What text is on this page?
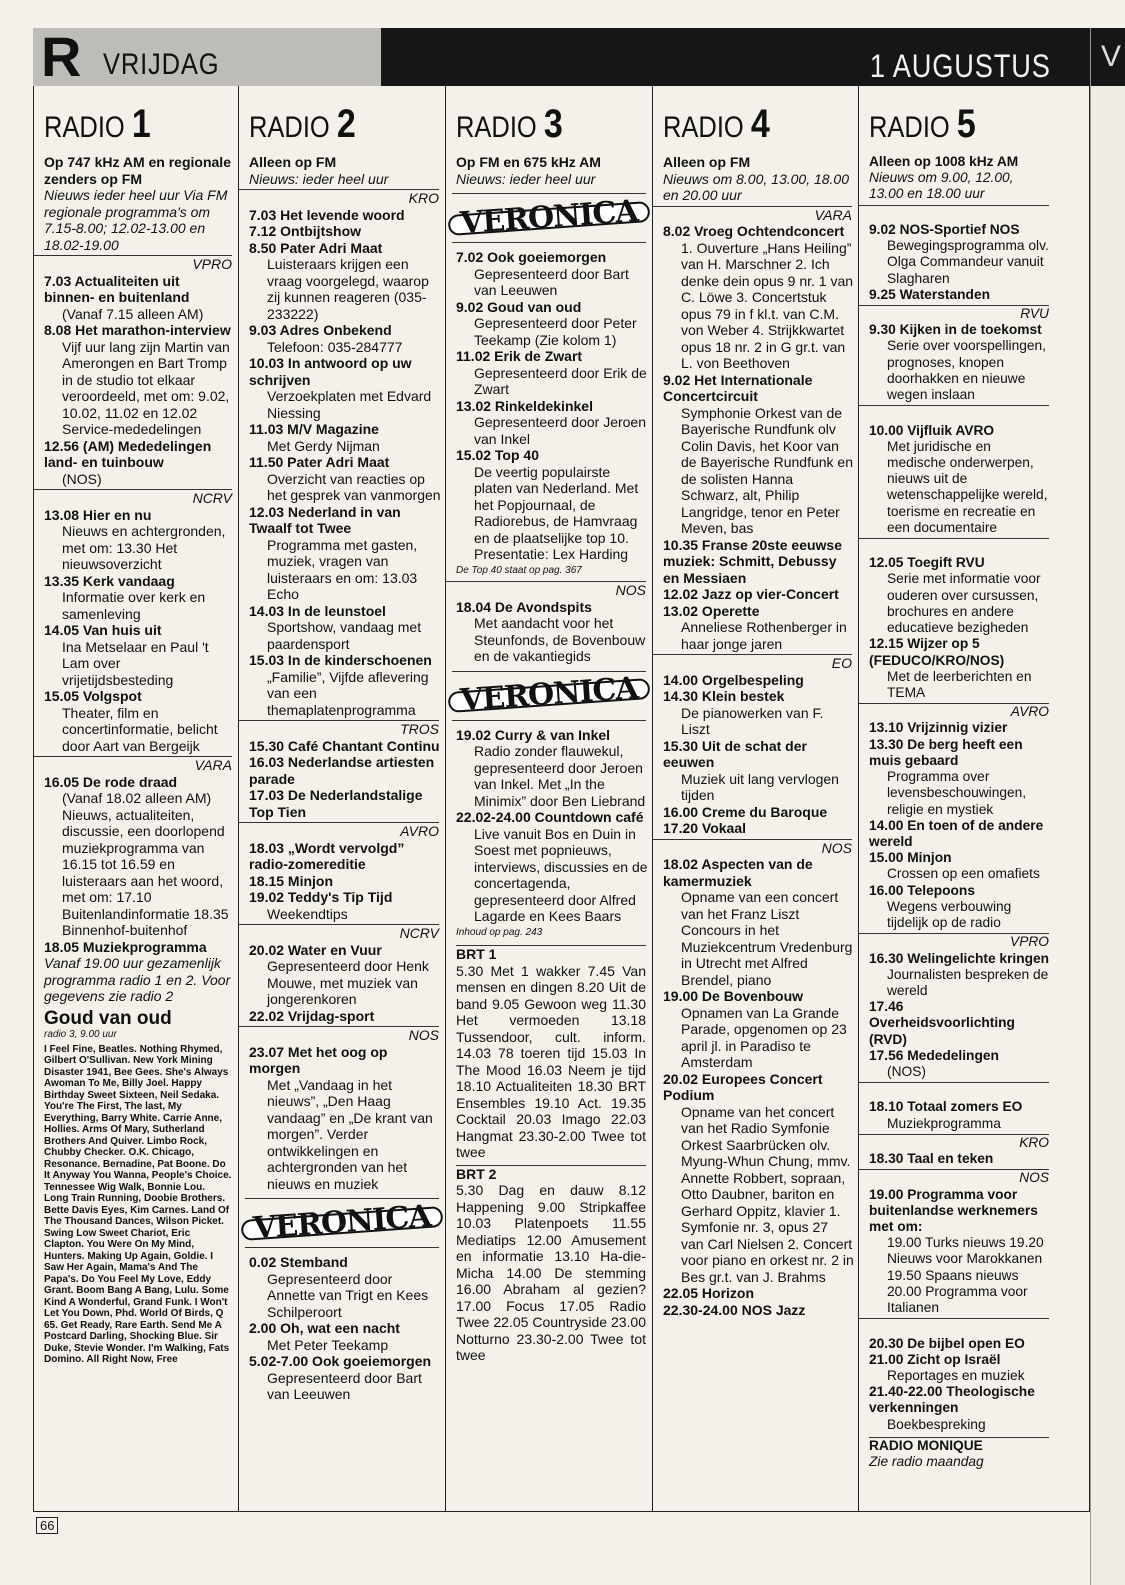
R VRIJDAG	1 AUGUSTUS	V
RADIO 1
Op 747 kHz AM en regionale zenders op FM
Nieuws ieder heel uur Via FM regionale programma's om 7.15-8.00; 12.02-13.00 en 18.02-19.00
VPRO
7.03 Actualiteiten uit binnen- en buitenland
(Vanaf 7.15 alleen AM)
8.08 Het marathon-interview
Vijf uur lang zijn Martin van Amerongen en Bart Tromp in de studio tot elkaar veroordeeld, met om: 9.02, 10.02, 11.02 en 12.02 Service-mededelingen
12.56 (AM) Mededelingen land- en tuinbouw
(NOS)
NCRV
13.08 Hier en nu
Nieuws en achtergronden, met om: 13.30 Het nieuwsoverzicht
13.35 Kerk vandaag
Informatie over kerk en samenleving
14.05 Van huis uit
Ina Metselaar en Paul 't Lam over vrijetijdsbesteding
15.05 Volgspot
Theater, film en concertinformatie, belicht door Aart van Bergeijk
VARA
16.05 De rode draad
(Vanaf 18.02 alleen AM) Nieuws, actualiteiten, discussie, een doorlopend muziekprogramma van 16.15 tot 16.59 en luisteraars aan het woord, met om: 17.10 Buitenlandinformatie 18.35 Binnenhof-buitenhof
18.05 Muziekprogramma
Vanaf 19.00 uur gezamenlijk programma radio 1 en 2. Voor gegevens zie radio 2
Goud van oud
radio 3, 9.00 uur
I Feel Fine, Beatles. Nothing Rhymed, Gilbert O'Sullivan. New York Mining Disaster 1941, Bee Gees. She's Always Awoman To Me, Billy Joel. Happy Birthday Sweet Sixteen, Neil Sedaka. You're The First, The last, My Everything, Barry White. Carrie Anne, Hollies. Arms Of Mary, Sutherland Brothers And Quiver. Limbo Rock, Chubby Checker. O.K. Chicago, Resonance. Bernadine, Pat Boone. Do It Anyway You Wanna, People's Choice. Tennessee Wig Walk, Bonnie Lou. Long Train Running, Doobie Brothers. Bette Davis Eyes, Kim Carnes. Land Of The Thousand Dances, Wilson Picket. Swing Low Sweet Chariot, Eric Clapton. You Were On My Mind, Hunters. Making Up Again, Goldie. I Saw Her Again, Mama's And The Papa's. Do You Feel My Love, Eddy Grant. Boom Bang A Bang, Lulu. Some Kind A Wonderful, Grand Funk. I Won't Let You Down, Phd. World Of Birds, Q 65. Get Ready, Rare Earth. Send Me A Postcard Darling, Shocking Blue. Sir Duke, Stevie Wonder. I'm Walking, Fats Domino. All Right Now, Free
RADIO 2
Alleen op FM
Nieuws: ieder heel uur
KRO
7.03 Het levende woord
7.12 Ontbijtshow
8.50 Pater Adri Maat
Luisteraars krijgen een vraag voorgelegd, waarop zij kunnen reageren (035-233222)
9.03 Adres Onbekend
Telefoon: 035-284777
10.03 In antwoord op uw schrijven
Verzoekplaten met Edvard Niessing
11.03 M/V Magazine
Met Gerdy Nijman
11.50 Pater Adri Maat
Overzicht van reacties op het gesprek van vanmorgen
12.03 Nederland in van Twaalf tot Twee
Programma met gasten, muziek, vragen van luisteraars en om: 13.03 Echo
14.03 In de leunstoel
Sportshow, vandaag met paardensport
15.03 In de kinderschoenen
„Familie”, Vijfde aflevering van een themaplatenprogramma
TROS
15.30 Café Chantant Continu
16.03 Nederlandse artiesten parade
17.03 De Nederlandstalige Top Tien
AVRO
18.03 „Wordt vervolgd” radio-zomereditie
18.15 Minjon
19.02 Teddy's Tip Tijd
Weekendtips
NCRV
20.02 Water en Vuur
Gepresenteerd door Henk Mouwe, met muziek van jongerenkoren
22.02 Vrijdag-sport
NOS
23.07 Met het oog op morgen
Met „Vandaag in het nieuws”, „Den Haag vandaag” en „De krant van morgen”. Verder ontwikkelingen en achtergronden van het nieuws en muziek
VERONICA
0.02 Stemband
Gepresenteerd door Annette van Trigt en Kees Schilperoort
2.00 Oh, wat een nacht
Met Peter Teekamp
5.02-7.00 Ook goeiemorgen
Gepresenteerd door Bart van Leeuwen
RADIO 3
Op FM en 675 kHz AM
Nieuws: ieder heel uur
VERONICA
7.02 Ook goeiemorgen
Gepresenteerd door Bart van Leeuwen
9.02 Goud van oud
Gepresenteerd door Peter Teekamp (Zie kolom 1)
11.02 Erik de Zwart
Gepresenteerd door Erik de Zwart
13.02 Rinkeldekinkel
Gepresenteerd door Jeroen van Inkel
15.02 Top 40
De veertig populairste platen van Nederland. Met het Popjournaal, de Radiorebus, de Hamvraag en de plaatselijke top 10. Presentatie: Lex Harding
De Top 40 staat op pag. 367
NOS
18.04 De Avondspits
Met aandacht voor het Steunfonds, de Bovenbouw en de vakantiegids
VERONICA
19.02 Curry & van Inkel
Radio zonder flauwekul, gepresenteerd door Jeroen van Inkel. Met „In the Minimix” door Ben Liebrand
22.02-24.00 Countdown café
Live vanuit Bos en Duin in Soest met popnieuws, interviews, discussies en de concertagenda, gepresenteerd door Alfred Lagarde en Kees Baars
Inhoud op pag. 243
BRT 1
5.30 Met 1 wakker 7.45 Van mensen en dingen 8.20 Uit de band 9.05 Gewoon weg 11.30 Het vermoeden 13.18 Tussendoor, cult. inform. 14.03 78 toeren tijd 15.03 In The Mood 16.03 Neem je tijd 18.10 Actualiteiten 18.30 BRT Ensembles 19.10 Act. 19.35 Cocktail 20.03 Imago 22.03 Hangmat 23.30-2.00 Twee tot twee
BRT 2
5.30 Dag en dauw 8.12 Happening 9.00 Stripkaffee 10.03 Platenpoets 11.55 Mediatips 12.00 Amusement en informatie 13.10 Ha-die-Micha 14.00 De stemming 16.00 Abraham al gezien? 17.00 Focus 17.05 Radio Twee 22.05 Countryside 23.00 Notturno 23.30-2.00 Twee tot twee
RADIO 4
Alleen op FM
Nieuws om 8.00, 13.00, 18.00 en 20.00 uur
VARA
8.02 Vroeg Ochtendconcert
1. Ouverture „Hans Heiling” van H. Marschner 2. Ich denke dein opus 9 nr. 1 van C. Löwe 3. Concertstuk opus 79 in f kl.t. van C.M. von Weber 4. Strijkkwartet opus 18 nr. 2 in G gr.t. van L. von Beethoven
9.02 Het Internationale Concertcircuit
Symphonie Orkest van de Bayerische Rundfunk olv Colin Davis, het Koor van de Bayerische Rundfunk en de solisten Hanna Schwarz, alt, Philip Langridge, tenor en Peter Meven, bas
10.35 Franse 20ste eeuwse muziek: Schmitt, Debussy en Messiaen
12.02 Jazz op vier-Concert
13.02 Operette
Anneliese Rothenberger in haar jonge jaren
EO
14.00 Orgelbespeling
14.30 Klein bestek
De pianowerken van F. Liszt
15.30 Uit de schat der eeuwen
Muziek uit lang vervlogen tijden
16.00 Creme du Baroque
17.20 Vokaal
NOS
18.02 Aspecten van de kamermuziek
Opname van een concert van het Franz Liszt Concours in het Muziekcentrum Vredenburg in Utrecht met Alfred Brendel, piano
19.00 De Bovenbouw
Opnamen van La Grande Parade, opgenomen op 23 april jl. in Paradiso te Amsterdam
20.02 Europees Concert Podium
Opname van het concert van het Radio Symfonie Orkest Saarbrücken olv. Myung-Whun Chung, mmv. Annette Robbert, sopraan, Otto Daubner, bariton en Gerhard Oppitz, klavier 1. Symfonie nr. 3, opus 27 van Carl Nielsen 2. Concert voor piano en orkest nr. 2 in Bes gr.t. van J. Brahms
22.05 Horizon
22.30-24.00 NOS Jazz
RADIO 5
Alleen op 1008 kHz AM
Nieuws om 9.00, 12.00, 13.00 en 18.00 uur

9.02 NOS-Sportief NOS
Bewegingsprogramma olv. Olga Commandeur vanuit Slagharen
9.25 Waterstanden
RVU
9.30 Kijken in de toekomst
Serie over voorspellingen, prognoses, knopen doorhakken en nieuwe wegen inslaan

10.00 Vijfluik AVRO
Met juridische en medische onderwerpen, nieuws uit de wetenschappelijke wereld, toerisme en recreatie en een documentaire

12.05 Toegift RVU
Serie met informatie voor ouderen over cursussen, brochures en andere educatieve bezigheden
12.15 Wijzer op 5 (FEDUCO/KRO/NOS)
Met de leerberichten en TEMA
AVRO
13.10 Vrijzinnig vizier
13.30 De berg heeft een muis gebaard
Programma over levensbeschouwingen, religie en mystiek
14.00 En toen of de andere wereld
15.00 Minjon
Crossen op een omafiets
16.00 Telepoons
Wegens verbouwing tijdelijk op de radio
VPRO
16.30 Welingelichte kringen
Journalisten bespreken de wereld
17.46 Overheidsvoorlichting (RVD)
17.56 Mededelingen
(NOS)

18.10 Totaal zomers EO
Muziekprogramma
KRO
18.30 Taal en teken
NOS
19.00 Programma voor buitenlandse werknemers met om:
19.00 Turks nieuws 19.20 Nieuws voor Marokkanen 19.50 Spaans nieuws 20.00 Programma voor Italianen

20.30 De bijbel open EO
21.00 Zicht op Israël
Reportages en muziek
21.40-22.00 Theologische verkenningen
Boekbespreking
RADIO MONIQUE
Zie radio maandag
66
